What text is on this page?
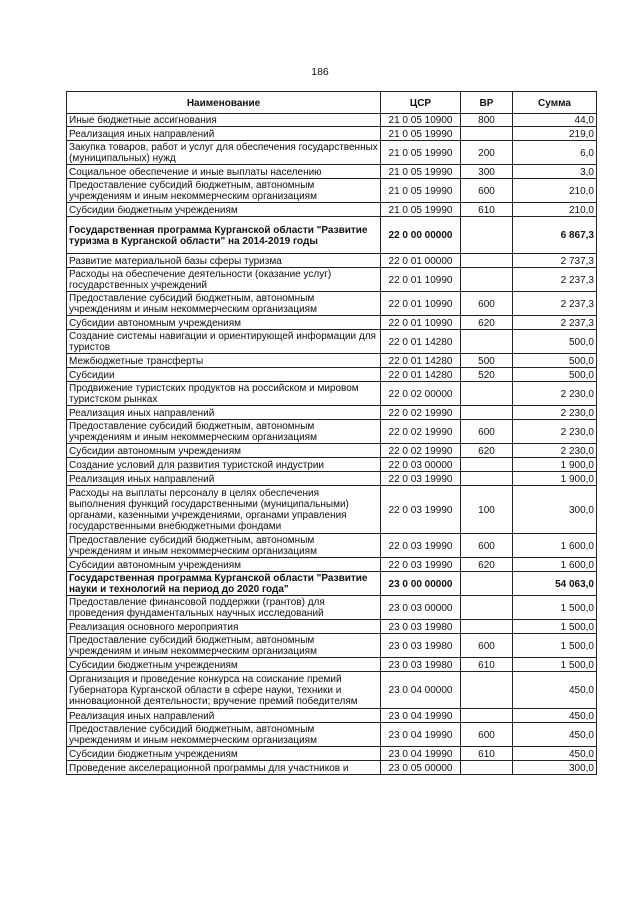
186
Наименование	ЦСР	ВР	Сумма
Иные бюджетные ассигнования	21 0 05 10900	800	44,0
Реализация иных направлений	21 0 05 19990		219,0
Закупка товаров, работ и услуг для обеспечения государственных (муниципальных) нужд	21 0 05 19990	200	6,0
Социальное обеспечение и иные выплаты населению	21 0 05 19990	300	3,0
Предоставление субсидий бюджетным, автономным учреждениям и иным некоммерческим организациям	21 0 05 19990	600	210,0
Субсидии бюджетным учреждениям	21 0 05 19990	610	210,0
Государственная программа Курганской области "Развитие туризма в Курганской области" на 2014-2019 годы	22 0 00 00000		6 867,3
Развитие материальной базы сферы туризма	22 0 01 00000		2 737,3
Расходы на обеспечение деятельности (оказание услуг) государственных учреждений	22 0 01 10990		2 237,3
Предоставление субсидий бюджетным, автономным учреждениям и иным некоммерческим организациям	22 0 01 10990	600	2 237,3
Субсидии автономным учреждениям	22 0 01 10990	620	2 237,3
Создание системы навигации и ориентирующей информации для туристов	22 0 01 14280		500,0
Межбюджетные трансферты	22 0 01 14280	500	500,0
Субсидии	22 0 01 14280	520	500,0
Продвижение туристских продуктов на российском и мировом туристском рынках	22 0 02 00000		2 230,0
Реализация иных направлений	22 0 02 19990		2 230,0
Предоставление субсидий бюджетным, автономным учреждениям и иным некоммерческим организациям	22 0 02 19990	600	2 230,0
Субсидии автономным учреждениям	22 0 02 19990	620	2 230,0
Создание условий для развития туристской индустрии	22 0 03 00000		1 900,0
Реализация иных направлений	22 0 03 19990		1 900,0
Расходы на выплаты персоналу в целях обеспечения выполнения функций государственными (муниципальными) органами, казенными учреждениями, органами управления государственными внебюджетными фондами	22 0 03 19990	100	300,0
Предоставление субсидий бюджетным, автономным учреждениям и иным некоммерческим организациям	22 0 03 19990	600	1 600,0
Субсидии автономным учреждениям	22 0 03 19990	620	1 600,0
Государственная программа Курганской области "Развитие науки и технологий на период до 2020 года"	23 0 00 00000		54 063,0
Предоставление финансовой поддержки (грантов) для проведения фундаментальных научных исследований	23 0 03 00000		1 500,0
Реализация основного мероприятия	23 0 03 19980		1 500,0
Предоставление субсидий бюджетным, автономным учреждениям и иным некоммерческим организациям	23 0 03 19980	600	1 500,0
Субсидии бюджетным учреждениям	23 0 03 19980	610	1 500,0
Организация и проведение конкурса на соискание премий Губернатора Курганской области в сфере науки, техники и инновационной деятельности; вручение премий победителям	23 0 04 00000		450,0
Реализация иных направлений	23 0 04 19990		450,0
Предоставление субсидий бюджетным, автономным учреждениям и иным некоммерческим организациям	23 0 04 19990	600	450,0
Субсидии бюджетным учреждениям	23 0 04 19990	610	450,0
Проведение акселерационной программы для участников и	23 0 05 00000		300,0
